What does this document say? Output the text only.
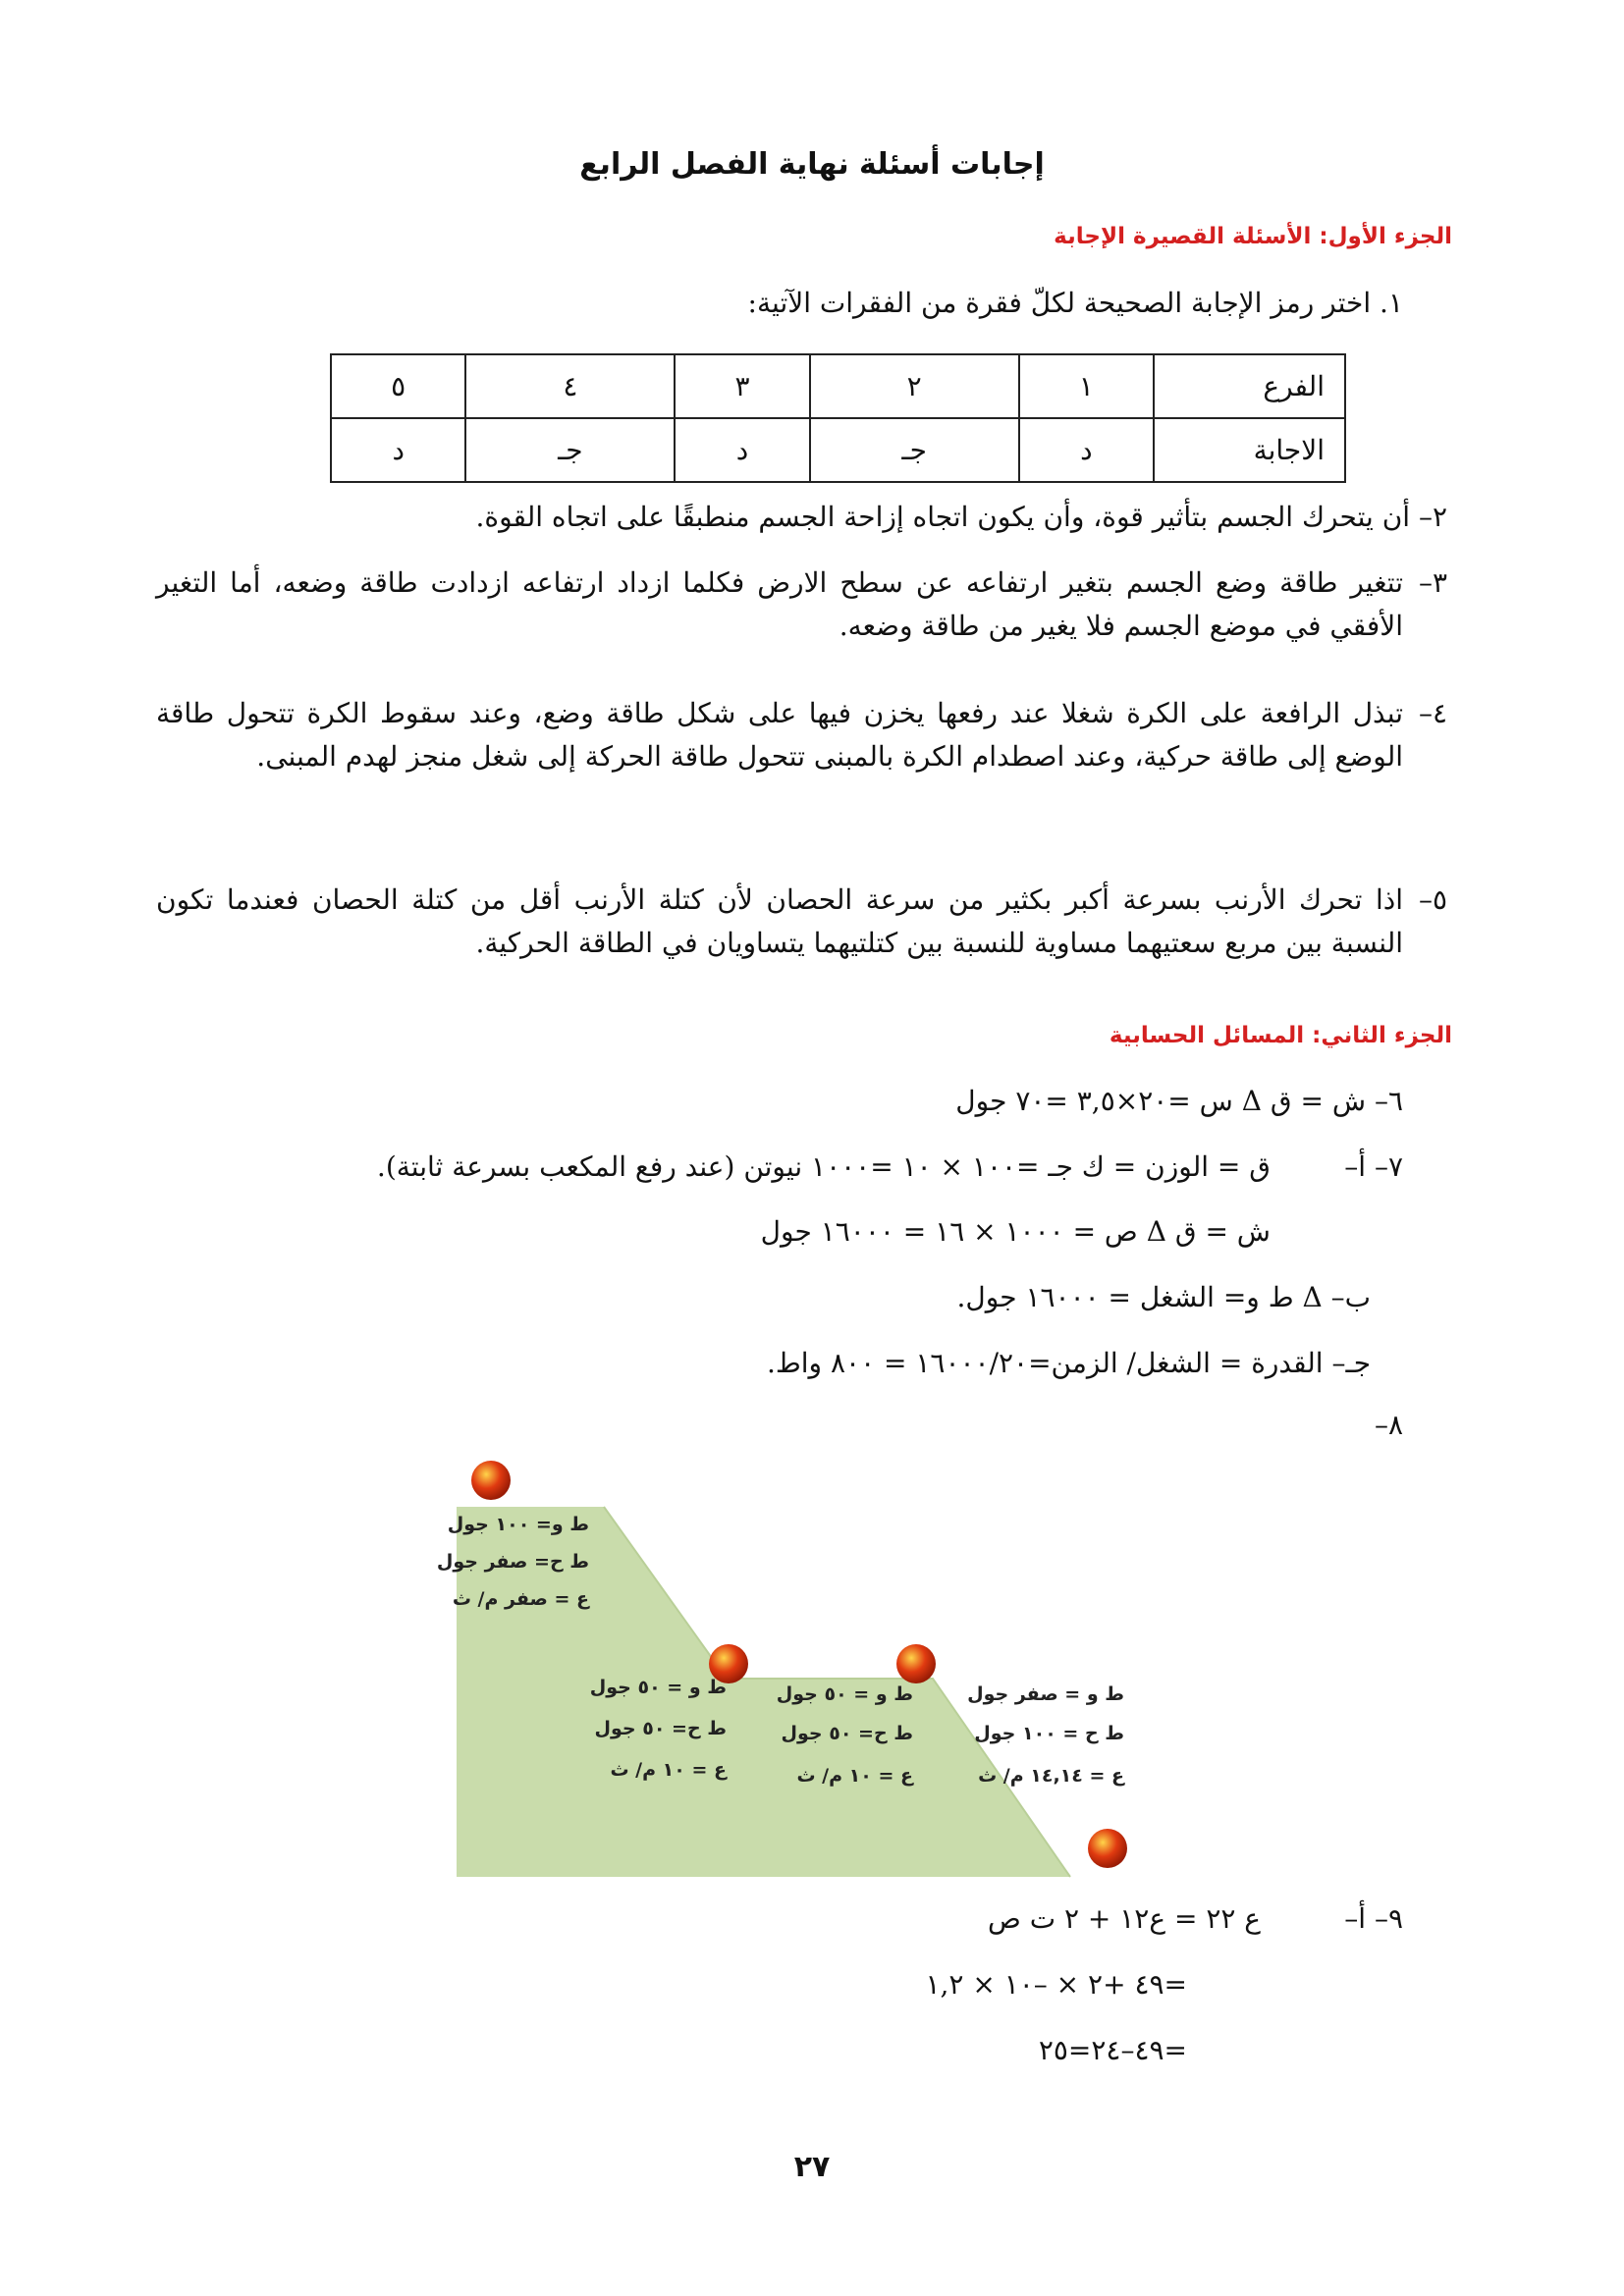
إجابات أسئلة نهاية الفصل الرابع
الجزء الأول: الأسئلة القصيرة الإجابة
١. اختر رمز الإجابة الصحيحة لكلّ فقرة من الفقرات الآتية:
الفرع	١	٢	٣	٤	٥
الاجابة	د	جـ	د	جـ	د
٢– أن يتحرك الجسم بتأثير قوة، وأن يكون اتجاه إزاحة الجسم منطبقًا على اتجاه القوة.
٣–
تتغير طاقة وضع الجسم بتغير ارتفاعه عن سطح الارض فكلما ازداد ارتفاعه ازدادت طاقة وضعه، أما التغير الأفقي في موضع الجسم فلا يغير من طاقة وضعه.
٤–
تبذل الرافعة على الكرة شغلا عند رفعها يخزن فيها على شكل طاقة وضع، وعند سقوط الكرة تتحول طاقة الوضع إلى طاقة حركية، وعند اصطدام الكرة بالمبنى تتحول طاقة الحركة إلى شغل منجز لهدم المبنى.
٥–
اذا تحرك الأرنب بسرعة أكبر بكثير من سرعة الحصان لأن كتلة الأرنب أقل من كتلة الحصان فعندما تكون النسبة بين مربع سعتيهما مساوية للنسبة بين كتلتيهما يتساويان في الطاقة الحركية.
الجزء الثاني: المسائل الحسابية
٦– ش = ق Δ س =٢٠×٣,٥ =٧٠ جول
٧– أ–
ق = الوزن = ك جـ =١٠٠ × ١٠ =١٠٠٠ نيوتن (عند رفع المكعب بسرعة ثابتة).
ش = ق Δ ص = ١٠٠٠ × ١٦ = ١٦٠٠٠ جول
ب– Δ ط و= الشغل = ١٦٠٠٠ جول.
جـ– القدرة = الشغل/ الزمن=١٦٠٠٠/٢٠ = ٨٠٠ واط.
٨–
ط و= ١٠٠ جول
ط ح= صفر جول
ع = صفر م/ ث
ط و = ٥٠ جول
ط ح= ٥٠ جول
ع = ١٠ م/ ث
ط و = ٥٠ جول
ط ح= ٥٠ جول
ع = ١٠ م/ ث
ط و = صفر جول
ط ح = ١٠٠ جول
ع = ١٤,١٤ م/ ث
٩– أ–
ع ٢٢ = ع١٢ + ٢ ت ص
=٤٩ +٢ × –١٠ × ١,٢
=٤٩–٢٤=٢٥
٢٧
